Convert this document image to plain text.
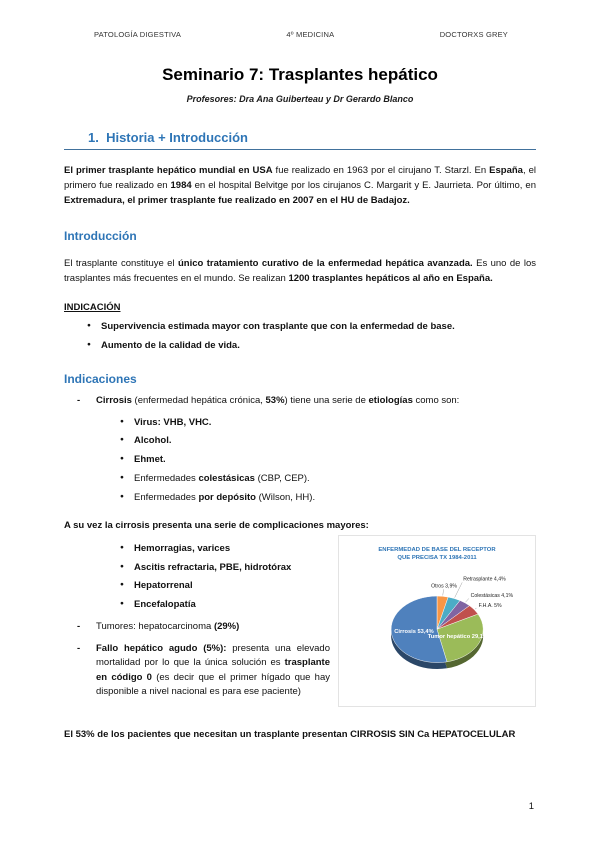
PATOLOGÍA DIGESTIVA	4º MEDICINA	DOCTORXS GREY
Seminario 7: Trasplantes hepático

Profesores: Dra Ana Guiberteau y Dr Gerardo Blanco

1.  Historia + Introducción

El primer trasplante hepático mundial en USA fue realizado en 1963 por el cirujano T. Starzl. En España, el primero fue realizado en 1984 en el hospital Belvitge por los cirujanos C. Margarit y E. Jaurrieta. Por último, en Extremadura, el primer trasplante fue realizado en 2007 en el HU de Badajoz.

Introducción

El trasplante constituye el único tratamiento curativo de la enfermedad hepática avanzada. Es uno de los trasplantes más frecuentes en el mundo. Se realizan 1200 trasplantes hepáticos al año en España.

INDICACIÓN

● Supervivencia estimada mayor con trasplante que con la enfermedad de base.
● Aumento de la calidad de vida.
Indicaciones
- Cirrosis (enfermedad hepática crónica, 53%) tiene una serie de etiologías como son:
● Virus: VHB, VHC.
● Alcohol.
● Ehmet.
● Enfermedades colestásicas (CBP, CEP).
● Enfermedades por depósito (Wilson, HH).

A su vez la cirrosis presenta una serie de complicaciones mayores:

● Hemorragias, varices
● Ascitis refractaria, PBE, hidrotórax
● Hepatorrenal
● Encefalopatía
- Tumores: hepatocarcinoma (29%)
- Fallo hepático agudo (5%): presenta una elevado mortalidad por lo que la única solución es trasplante en código 0 (es decir que el primer hígado que hay disponible a nivel nacional es para ese paciente)
ENFERMEDAD DE BASE DEL RECEPTOR
QUE PRECISA TX 1984-2011
Otros 3,9%
Retrasplante 4,4%
Colestásicas 4,1%
F.H.A. 5%
Tumor hepático 29,1%
Cirrosis 53,4%

El 53% de los pacientes que necesitan un trasplante presentan CIRROSIS SIN Ca HEPATOCELULAR

1
